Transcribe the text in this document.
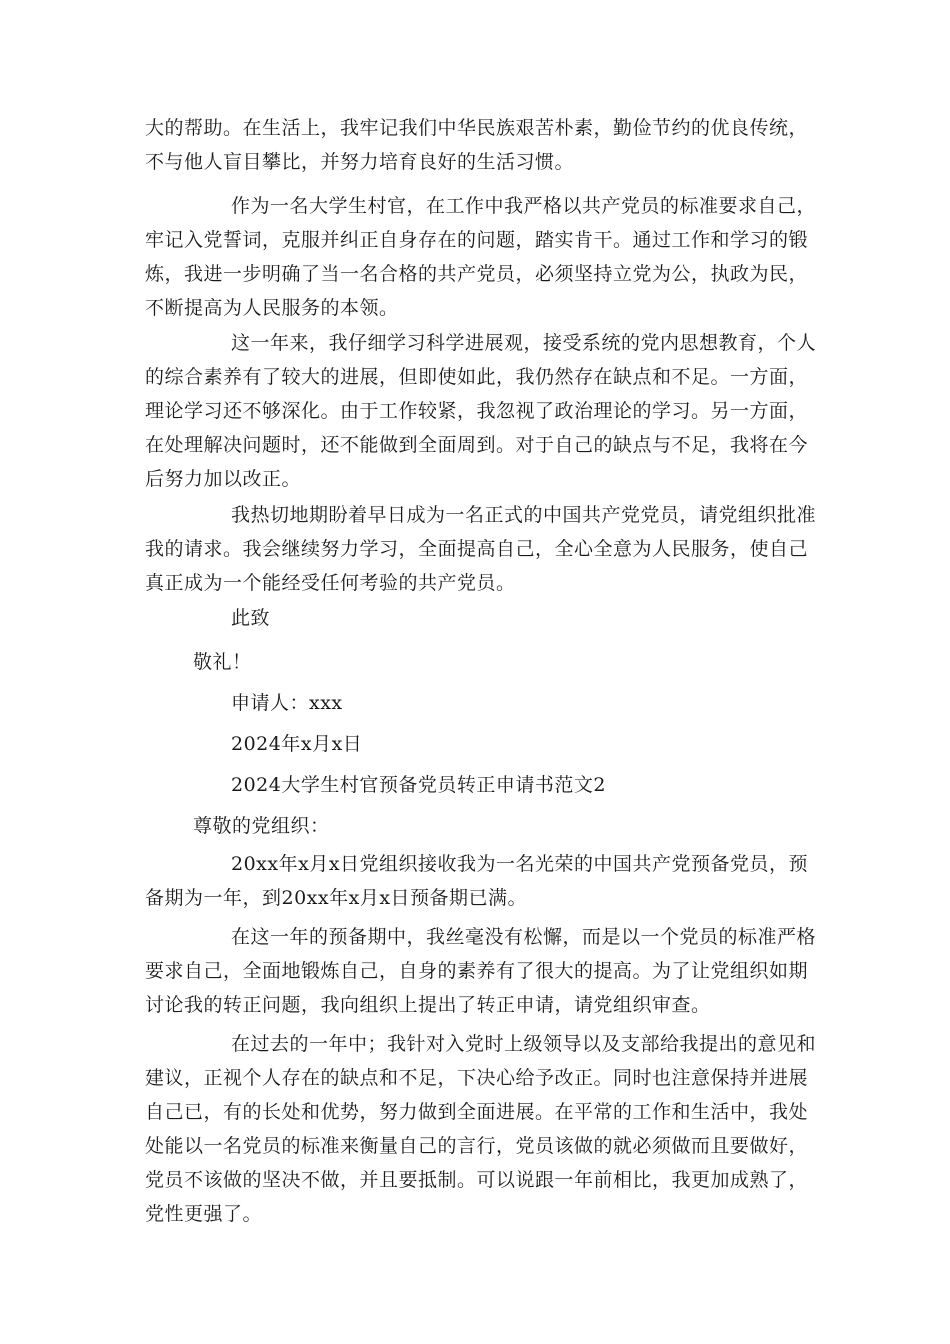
大的帮助。在生活上，我牢记我们中华民族艰苦朴素，勤俭节约的优良传统，
不与他人盲目攀比，并努力培育良好的生活习惯。
作为一名大学生村官，在工作中我严格以共产党员的标准要求自己，
牢记入党誓词，克服并纠正自身存在的问题，踏实肯干。通过工作和学习的锻
炼，我进一步明确了当一名合格的共产党员，必须坚持立党为公，执政为民，
不断提高为人民服务的本领。
这一年来，我仔细学习科学进展观，接受系统的党内思想教育，个人
的综合素养有了较大的进展，但即使如此，我仍然存在缺点和不足。一方面，
理论学习还不够深化。由于工作较紧，我忽视了政治理论的学习。另一方面，
在处理解决问题时，还不能做到全面周到。对于自己的缺点与不足，我将在今
后努力加以改正。
我热切地期盼着早日成为一名正式的中国共产党党员，请党组织批准
我的请求。我会继续努力学习，全面提高自己，全心全意为人民服务，使自己
真正成为一个能经受任何考验的共产党员。
此致
敬礼！
申请人：xxx
2024年x月x日
2024大学生村官预备党员转正申请书范文2
尊敬的党组织：
20xx年x月x日党组织接收我为一名光荣的中国共产党预备党员，预
备期为一年，到20xx年x月x日预备期已满。
在这一年的预备期中，我丝毫没有松懈，而是以一个党员的标准严格
要求自己，全面地锻炼自己，自身的素养有了很大的提高。为了让党组织如期
讨论我的转正问题，我向组织上提出了转正申请，请党组织审查。
在过去的一年中；我针对入党时上级领导以及支部给我提出的意见和
建议，正视个人存在的缺点和不足，下决心给予改正。同时也注意保持并进展
自己已，有的长处和优势，努力做到全面进展。在平常的工作和生活中，我处
处能以一名党员的标准来衡量自己的言行，党员该做的就必须做而且要做好，
党员不该做的坚决不做，并且要抵制。可以说跟一年前相比，我更加成熟了，
党性更强了。
